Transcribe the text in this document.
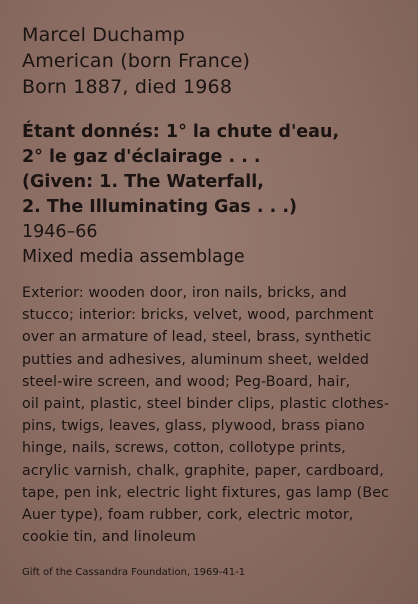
Marcel Duchamp
American (born France)
Born 1887, died 1968
Étant donnés: 1° la chute d'eau,
2° le gaz d'éclairage . . .
(Given: 1. The Waterfall,
2. The Illuminating Gas . . .)
1946–66
Mixed media assemblage
Exterior: wooden door, iron nails, bricks, and
stucco; interior: bricks, velvet, wood, parchment
over an armature of lead, steel, brass, synthetic
putties and adhesives, aluminum sheet, welded
steel-wire screen, and wood; Peg-Board, hair,
oil paint, plastic, steel binder clips, plastic clothes-
pins, twigs, leaves, glass, plywood, brass piano
hinge, nails, screws, cotton, collotype prints,
acrylic varnish, chalk, graphite, paper, cardboard,
tape, pen ink, electric light fixtures, gas lamp (Bec
Auer type), foam rubber, cork, electric motor,
cookie tin, and linoleum
Gift of the Cassandra Foundation, 1969-41-1
